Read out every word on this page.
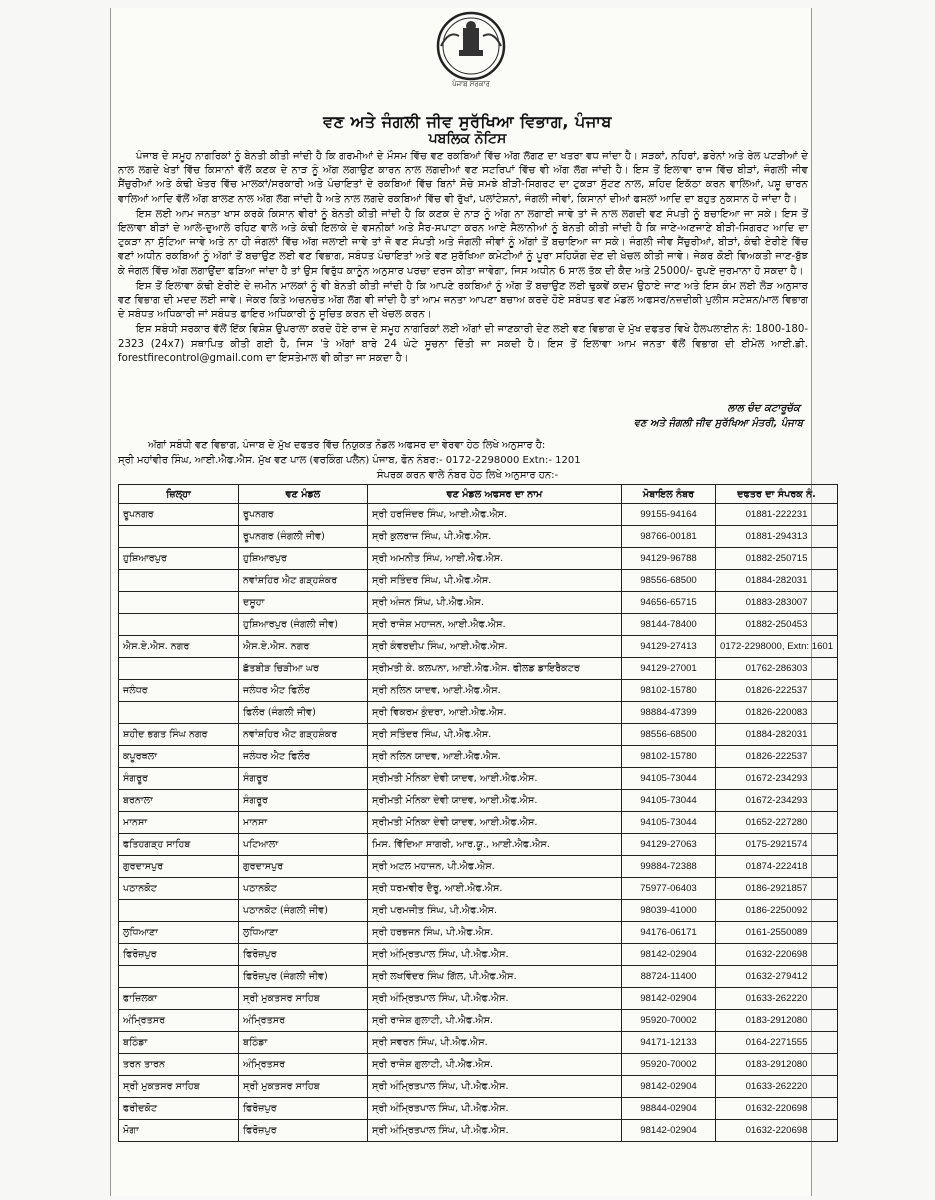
ਪੰਜਾਬ ਸਰਕਾਰ
ਵਣ ਅਤੇ ਜੰਗਲੀ ਜੀਵ ਸੁਰੱਖਿਆ ਵਿਭਾਗ, ਪੰਜਾਬ
ਪਬਲਿਕ ਨੋਟਿਸ

ਪੰਜਾਬ ਦੇ ਸਮੂਹ ਨਾਗਰਿਕਾਂ ਨੂੰ ਬੇਨਤੀ ਕੀਤੀ ਜਾਂਦੀ ਹੈ ਕਿ ਗਰਮੀਆਂ ਦੇ ਮੌਸਮ ਵਿੱਚ ਵਣ ਰਕਬਿਆਂ ਵਿੱਚ ਅੱਗ ਲੱਗਣ ਦਾ ਖਤਰਾ ਵਧ ਜਾਂਦਾ ਹੈ। ਸੜਕਾਂ, ਨਹਿਰਾਂ, ਡਰੇਨਾਂ ਅਤੇ ਰੇਲ ਪਟੜੀਆਂ ਦੇ ਨਾਲ ਲਗਦੇ ਖੇਤਾਂ ਵਿੱਚ ਕਿਸਾਨਾਂ ਵੱਲੋਂ ਕਣਕ ਦੇ ਨਾੜ ਨੂੰ ਅੱਗ ਲਗਾਉਣ ਕਾਰਨ ਨਾਲ ਲਗਦੀਆਂ ਵਣ ਸਟਰਿਪਾਂ ਵਿੱਚ ਵੀ ਅੱਗ ਲੱਗ ਜਾਂਦੀ ਹੈ। ਇਸ ਤੋਂ ਇਲਾਵਾ ਰਾਜ ਵਿੱਚ ਬੀੜਾਂ, ਜੰਗਲੀ ਜੀਵ ਸੈਂਚੁਰੀਆਂ ਅਤੇ ਕੰਢੀ ਖੇਤਰ ਵਿੱਚ ਮਾਲਕਾਂ/ਸਰਕਾਰੀ ਅਤੇ ਪੰਚਾਇਤਾਂ ਦੇ ਰਕਬਿਆਂ ਵਿੱਚ ਬਿਨਾਂ ਸੋਚੇ ਸਮਝੇ ਬੀੜੀ-ਸਿਗਰਟ ਦਾ ਟੁਕੜਾ ਸੁੱਟਣ ਨਾਲ, ਸ਼ਹਿਦ ਇਕੱਠਾ ਕਰਨ ਵਾਲਿਆਂ, ਪਸ਼ੂ ਚਾਰਨ ਵਾਲਿਆਂ ਆਦਿ ਵੱਲੋਂ ਅੱਗ ਬਾਲਣ ਨਾਲ ਅੱਗ ਲੱਗ ਜਾਂਦੀ ਹੈ ਅਤੇ ਨਾਲ ਲਗਦੇ ਰਕਬਿਆਂ ਵਿੱਚ ਵੀ ਰੁੱਖਾਂ, ਪਲਾਂਟੇਸ਼ਨਾਂ, ਜੰਗਲੀ ਜੀਵਾਂ, ਕਿਸਾਨਾਂ ਦੀਆਂ ਫਸਲਾਂ ਆਦਿ ਦਾ ਬਹੁਤ ਨੁਕਸਾਨ ਹੋ ਜਾਂਦਾ ਹੈ।

ਇਸ ਲਈ ਆਮ ਜਨਤਾ ਖਾਸ ਕਰਕੇ ਕਿਸਾਨ ਵੀਰਾਂ ਨੂੰ ਬੇਨਤੀ ਕੀਤੀ ਜਾਂਦੀ ਹੈ ਕਿ ਕਣਕ ਦੇ ਨਾੜ ਨੂੰ ਅੱਗ ਨਾ ਲਗਾਈ ਜਾਵੇ ਤਾਂ ਜੋ ਨਾਲ ਲਗਦੀ ਵਣ ਸੰਪਤੀ ਨੂੰ ਬਚਾਇਆ ਜਾ ਸਕੇ। ਇਸ ਤੋਂ ਇਲਾਵਾ ਬੀੜਾਂ ਦੇ ਆਲੇ-ਦੁਆਲੇ ਰਹਿਣ ਵਾਲੇ ਅਤੇ ਕੰਢੀ ਇਲਾਕੇ ਦੇ ਵਸਨੀਕਾਂ ਅਤੇ ਸੈਰ-ਸਪਾਟਾ ਕਰਨ ਆਏ ਸੈਲਾਨੀਆਂ ਨੂੰ ਬੇਨਤੀ ਕੀਤੀ ਜਾਂਦੀ ਹੈ ਕਿ ਜਾਣੇ-ਅਣਜਾਣੇ ਬੀੜੀ-ਸਿਗਰਟ ਆਦਿ ਦਾ ਟੁਕੜਾ ਨਾ ਸੁੱਟਿਆ ਜਾਵੇ ਅਤੇ ਨਾ ਹੀ ਜੰਗਲਾਂ ਵਿੱਚ ਅੱਗ ਜਲਾਈ ਜਾਵੇ ਤਾਂ ਜੋ ਵਣ ਸੰਪਤੀ ਅਤੇ ਜੰਗਲੀ ਜੀਵਾਂ ਨੂੰ ਅੱਗਾਂ ਤੋਂ ਬਚਾਇਆ ਜਾ ਸਕੇ। ਜੰਗਲੀ ਜੀਵ ਸੈਂਚੁਰੀਆਂ, ਬੀੜਾਂ, ਕੰਢੀ ਏਰੀਏ ਵਿੱਚ ਵਣਾਂ ਅਧੀਨ ਰਕਬਿਆਂ ਨੂੰ ਅੱਗਾਂ ਤੋਂ ਬਚਾਉਣ ਲਈ ਵਣ ਵਿਭਾਗ, ਸਬੰਧਤ ਪੰਚਾਇਤਾਂ ਅਤੇ ਵਣ ਸੁਰੱਖਿਆ ਕਮੇਟੀਆਂ ਨੂੰ ਪੂਰਾ ਸਹਿਯੋਗ ਦੇਣ ਦੀ ਖੇਚਲ ਕੀਤੀ ਜਾਵੇ। ਜੇਕਰ ਕੋਈ ਵਿਅਕਤੀ ਜਾਣ-ਬੁੱਝ ਕੇ ਜੰਗਲ ਵਿੱਚ ਅੱਗ ਲਗਾਉਂਦਾ ਫੜਿਆ ਜਾਂਦਾ ਹੈ ਤਾਂ ਉਸ ਵਿਰੁੱਧ ਕਾਨੂੰਨ ਅਨੁਸਾਰ ਪਰਚਾ ਦਰਜ ਕੀਤਾ ਜਾਵੇਗਾ, ਜਿਸ ਅਧੀਨ 6 ਸਾਲ ਤੱਕ ਦੀ ਕੈਦ ਅਤੇ 25000/- ਰੁਪਏ ਜੁਰਮਾਨਾ ਹੋ ਸਕਦਾ ਹੈ।

ਇਸ ਤੋਂ ਇਲਾਵਾ ਕੰਢੀ ਏਰੀਏ ਦੇ ਜ਼ਮੀਨ ਮਾਲਕਾਂ ਨੂੰ ਵੀ ਬੇਨਤੀ ਕੀਤੀ ਜਾਂਦੀ ਹੈ ਕਿ ਆਪਣੇ ਰਕਬਿਆਂ ਨੂੰ ਅੱਗ ਤੋਂ ਬਚਾਉਣ ਲਈ ਢੁਕਵੇਂ ਕਦਮ ਉਠਾਏ ਜਾਣ ਅਤੇ ਇਸ ਕੰਮ ਲਈ ਲੋੜ ਅਨੁਸਾਰ ਵਣ ਵਿਭਾਗ ਦੀ ਮਦਦ ਲਈ ਜਾਵੇ। ਜੇਕਰ ਕਿਤੇ ਅਚਨਚੇਤ ਅੱਗ ਲੱਗ ਵੀ ਜਾਂਦੀ ਹੈ ਤਾਂ ਆਮ ਜਨਤਾ ਆਪਣਾ ਬਚਾਅ ਕਰਦੇ ਹੋਏ ਸਬੰਧਤ ਵਣ ਮੰਡਲ ਅਫਸਰ/ਨਜ਼ਦੀਕੀ ਪੁਲੀਸ ਸਟੇਸ਼ਨ/ਮਾਲ ਵਿਭਾਗ ਦੇ ਸਬੰਧਤ ਅਧਿਕਾਰੀ ਜਾਂ ਸਬੰਧਤ ਫਾਇਰ ਅਧਿਕਾਰੀ ਨੂੰ ਸੂਚਿਤ ਕਰਨ ਦੀ ਖੇਚਲ ਕਰਨ।

ਇਸ ਸਬੰਧੀ ਸਰਕਾਰ ਵੱਲੋਂ ਇੱਕ ਵਿਸ਼ੇਸ਼ ਉਪਰਾਲਾ ਕਰਦੇ ਹੋਏ ਰਾਜ ਦੇ ਸਮੂਹ ਨਾਗਰਿਕਾਂ ਲਈ ਅੱਗਾਂ ਦੀ ਜਾਣਕਾਰੀ ਦੇਣ ਲਈ ਵਣ ਵਿਭਾਗ ਦੇ ਮੁੱਖ ਦਫਤਰ ਵਿਖੇ ਹੈਲਪਲਾਈਨ ਨੰ: 1800-180-2323 (24x7) ਸਥਾਪਿਤ ਕੀਤੀ ਗਈ ਹੈ, ਜਿਸ 'ਤੇ ਅੱਗਾਂ ਬਾਰੇ 24 ਘੰਟੇ ਸੂਚਨਾ ਦਿੱਤੀ ਜਾ ਸਕਦੀ ਹੈ। ਇਸ ਤੋਂ ਇਲਾਵਾ ਆਮ ਜਨਤਾ ਵੱਲੋਂ ਵਿਭਾਗ ਦੀ ਈਮੇਲ ਆਈ.ਡੀ. forestfirecontrol@gmail.com ਦਾ ਇਸਤੇਮਾਲ ਵੀ ਕੀਤਾ ਜਾ ਸਕਦਾ ਹੈ।

ਲਾਲ ਚੰਦ ਕਟਾਰੂਚੱਕ
ਵਣ ਅਤੇ ਜੰਗਲੀ ਜੀਵ ਸੁਰੱਖਿਆ ਮੰਤਰੀ, ਪੰਜਾਬ
ਅੱਗਾਂ ਸਬੰਧੀ ਵਣ ਵਿਭਾਗ, ਪੰਜਾਬ ਦੇ ਮੁੱਖ ਦਫਤਰ ਵਿੱਚ ਨਿਯੁਕਤ ਨੋਡਲ ਅਫਸਰ ਦਾ ਵੇਰਵਾ ਹੇਠ ਲਿਖੇ ਅਨੁਸਾਰ ਹੈ:
ਸ੍ਰੀ ਮਹਾਂਵੀਰ ਸਿੰਘ, ਆਈ.ਐਫ.ਐਸ. ਮੁੱਖ ਵਣ ਪਾਲ (ਵਰਕਿੰਗ ਪਲੈਨ) ਪੰਜਾਬ, ਫੋਨ ਨੰਬਰ:- 0172-2298000 Extn:- 1201
ਸੰਪਰਕ ਕਰਨ ਵਾਲੇ ਨੰਬਰ ਹੇਠ ਲਿਖੇ ਅਨੁਸਾਰ ਹਨ:-
ਜ਼ਿਲ੍ਹਾ	ਵਣ ਮੰਡਲ	ਵਣ ਮੰਡਲ ਅਫਸਰ ਦਾ ਨਾਮ	ਮੋਬਾਇਲ ਨੰਬਰ	ਦਫਤਰ ਦਾ ਸੰਪਰਕ ਨੰ.
ਰੂਪਨਗਰ	ਰੂਪਨਗਰ	ਸ੍ਰੀ ਹਰਜਿੰਦਰ ਸਿੰਘ, ਆਈ.ਐਫ.ਐਸ.	99155-94164	01881-222231
	ਰੂਪਨਗਰ (ਜੰਗਲੀ ਜੀਵ)	ਸ੍ਰੀ ਕੁਲਰਾਜ ਸਿੰਘ, ਪੀ.ਐਫ.ਐਸ.	98766-00181	01881-294313
ਹੁਸ਼ਿਆਰਪੁਰ	ਹੁਸ਼ਿਆਰਪੁਰ	ਸ੍ਰੀ ਅਮਨੀਤ ਸਿੰਘ, ਆਈ.ਐਫ.ਐਸ.	94129-96788	01882-250715
	ਨਵਾਂਸ਼ਹਿਰ ਐਟ ਗੜ੍ਹਸ਼ੰਕਰ	ਸ੍ਰੀ ਸਤਿੰਦਰ ਸਿੰਘ, ਪੀ.ਐਫ.ਐਸ.	98556-68500	01884-282031
	ਦਸੂਹਾ	ਸ੍ਰੀ ਅੰਜਨ ਸਿੰਘ, ਪੀ.ਐਫ.ਐਸ.	94656-65715	01883-283007
	ਹੁਸ਼ਿਆਰਪੁਰ (ਜੰਗਲੀ ਜੀਵ)	ਸ੍ਰੀ ਰਾਜੇਸ਼ ਮਹਾਜਨ, ਆਈ.ਐਫ.ਐਸ.	98144-78400	01882-250453
ਐਸ.ਏ.ਐਸ. ਨਗਰ	ਐਸ.ਏ.ਐਸ. ਨਗਰ	ਸ੍ਰੀ ਕੰਵਰਦੀਪ ਸਿੰਘ, ਆਈ.ਐਫ.ਐਸ.	94129-27413	0172-2298000, Extn: 1601
	ਛੱਤਬੀੜ ਚਿੜੀਆ ਘਰ	ਸ੍ਰੀਮਤੀ ਕੇ. ਕਲਪਨਾ, ਆਈ.ਐਫ.ਐਸ. ਫੀਲਡ ਡਾਇਰੈਕਟਰ	94129-27001	01762-286303
ਜਲੰਧਰ	ਜਲੰਧਰ ਐਟ ਫਿਲੌਰ	ਸ੍ਰੀ ਨਲਿਨ ਯਾਦਵ, ਆਈ.ਐਫ.ਐਸ.	98102-15780	01826-222537
	ਫਿਲੌਰ (ਜੰਗਲੀ ਜੀਵ)	ਸ੍ਰੀ ਵਿਕਰਮ ਕੁੰਦਰਾ, ਆਈ.ਐਫ.ਐਸ.	98884-47399	01826-220083
ਸ਼ਹੀਦ ਭਗਤ ਸਿੰਘ ਨਗਰ	ਨਵਾਂਸ਼ਹਿਰ ਐਟ ਗੜ੍ਹਸ਼ੰਕਰ	ਸ੍ਰੀ ਸਤਿੰਦਰ ਸਿੰਘ, ਪੀ.ਐਫ.ਐਸ.	98556-68500	01884-282031
ਕਪੂਰਥਲਾ	ਜਲੰਧਰ ਐਟ ਫਿਲੌਰ	ਸ੍ਰੀ ਨਲਿਨ ਯਾਦਵ, ਆਈ.ਐਫ.ਐਸ.	98102-15780	01826-222537
ਸੰਗਰੂਰ	ਸੰਗਰੂਰ	ਸ੍ਰੀਮਤੀ ਮੋਨਿਕਾ ਦੇਵੀ ਯਾਦਵ, ਆਈ.ਐਫ.ਐਸ.	94105-73044	01672-234293
ਬਰਨਾਲਾ	ਸੰਗਰੂਰ	ਸ੍ਰੀਮਤੀ ਮੋਨਿਕਾ ਦੇਵੀ ਯਾਦਵ, ਆਈ.ਐਫ.ਐਸ.	94105-73044	01672-234293
ਮਾਨਸਾ	ਮਾਨਸਾ	ਸ੍ਰੀਮਤੀ ਮੋਨਿਕਾ ਦੇਵੀ ਯਾਦਵ, ਆਈ.ਐਫ.ਐਸ.	94105-73044	01652-227280
ਫਤਿਹਗੜ੍ਹ ਸਾਹਿਬ	ਪਟਿਆਲਾ	ਮਿਸ. ਵਿੱਦਿਆ ਸਾਗਰੀ, ਆਰ.ਯੂ., ਆਈ.ਐਫ.ਐਸ.	94129-27063	0175-2921574
ਗੁਰਦਾਸਪੁਰ	ਗੁਰਦਾਸਪੁਰ	ਸ੍ਰੀ ਅਟਲ ਮਹਾਜਨ, ਪੀ.ਐਫ.ਐਸ.	99884-72388	01874-222418
ਪਠਾਨਕੋਟ	ਪਠਾਨਕੋਟ	ਸ੍ਰੀ ਧਰਮਵੀਰ ਦੈਰੂ, ਆਈ.ਐਫ.ਐਸ.	75977-06403	0186-2921857
	ਪਠਾਨਕੋਟ (ਜੰਗਲੀ ਜੀਵ)	ਸ੍ਰੀ ਪਰਮਜੀਤ ਸਿੰਘ, ਪੀ.ਐਫ.ਐਸ.	98039-41000	0186-2250092
ਲੁਧਿਆਣਾ	ਲੁਧਿਆਣਾ	ਸ੍ਰੀ ਹਰਭਜਨ ਸਿੰਘ, ਪੀ.ਐਫ.ਐਸ.	94176-06171	0161-2550089
ਫਿਰੋਜ਼ਪੁਰ	ਫਿਰੋਜ਼ਪੁਰ	ਸ੍ਰੀ ਅੰਮ੍ਰਿਤਪਾਲ ਸਿੰਘ, ਪੀ.ਐਫ.ਐਸ.	98142-02904	01632-220698
	ਫਿਰੋਜ਼ਪੁਰ (ਜੰਗਲੀ ਜੀਵ)	ਸ੍ਰੀ ਲਖਵਿੰਦਰ ਸਿੰਘ ਗਿੱਲ, ਪੀ.ਐਫ.ਐਸ.	88724-11400	01632-279412
ਫਾਜ਼ਿਲਕਾ	ਸ੍ਰੀ ਮੁਕਤਸਰ ਸਾਹਿਬ	ਸ੍ਰੀ ਅੰਮ੍ਰਿਤਪਾਲ ਸਿੰਘ, ਪੀ.ਐਫ.ਐਸ.	98142-02904	01633-262220
ਅੰਮ੍ਰਿਤਸਰ	ਅੰਮ੍ਰਿਤਸਰ	ਸ੍ਰੀ ਰਾਜੇਸ਼ ਗੁਲਾਟੀ, ਪੀ.ਐਫ.ਐਸ.	95920-70002	0183-2912080
ਬਠਿੰਡਾ	ਬਠਿੰਡਾ	ਸ੍ਰੀ ਸਵਰਨ ਸਿੰਘ, ਪੀ.ਐਫ.ਐਸ.	94171-12133	0164-2271555
ਤਰਨ ਤਾਰਨ	ਅੰਮ੍ਰਿਤਸਰ	ਸ੍ਰੀ ਰਾਜੇਸ਼ ਗੁਲਾਟੀ, ਪੀ.ਐਫ.ਐਸ.	95920-70002	0183-2912080
ਸ੍ਰੀ ਮੁਕਤਸਰ ਸਾਹਿਬ	ਸ੍ਰੀ ਮੁਕਤਸਰ ਸਾਹਿਬ	ਸ੍ਰੀ ਅੰਮ੍ਰਿਤਪਾਲ ਸਿੰਘ, ਪੀ.ਐਫ.ਐਸ.	98142-02904	01633-262220
ਫਰੀਦਕੋਟ	ਫਿਰੋਜ਼ਪੁਰ	ਸ੍ਰੀ ਅੰਮ੍ਰਿਤਪਾਲ ਸਿੰਘ, ਪੀ.ਐਫ.ਐਸ.	98844-02904	01632-220698
ਮੋਗਾ	ਫਿਰੋਜ਼ਪੁਰ	ਸ੍ਰੀ ਅੰਮ੍ਰਿਤਪਾਲ ਸਿੰਘ, ਪੀ.ਐਫ.ਐਸ.	98142-02904	01632-220698
